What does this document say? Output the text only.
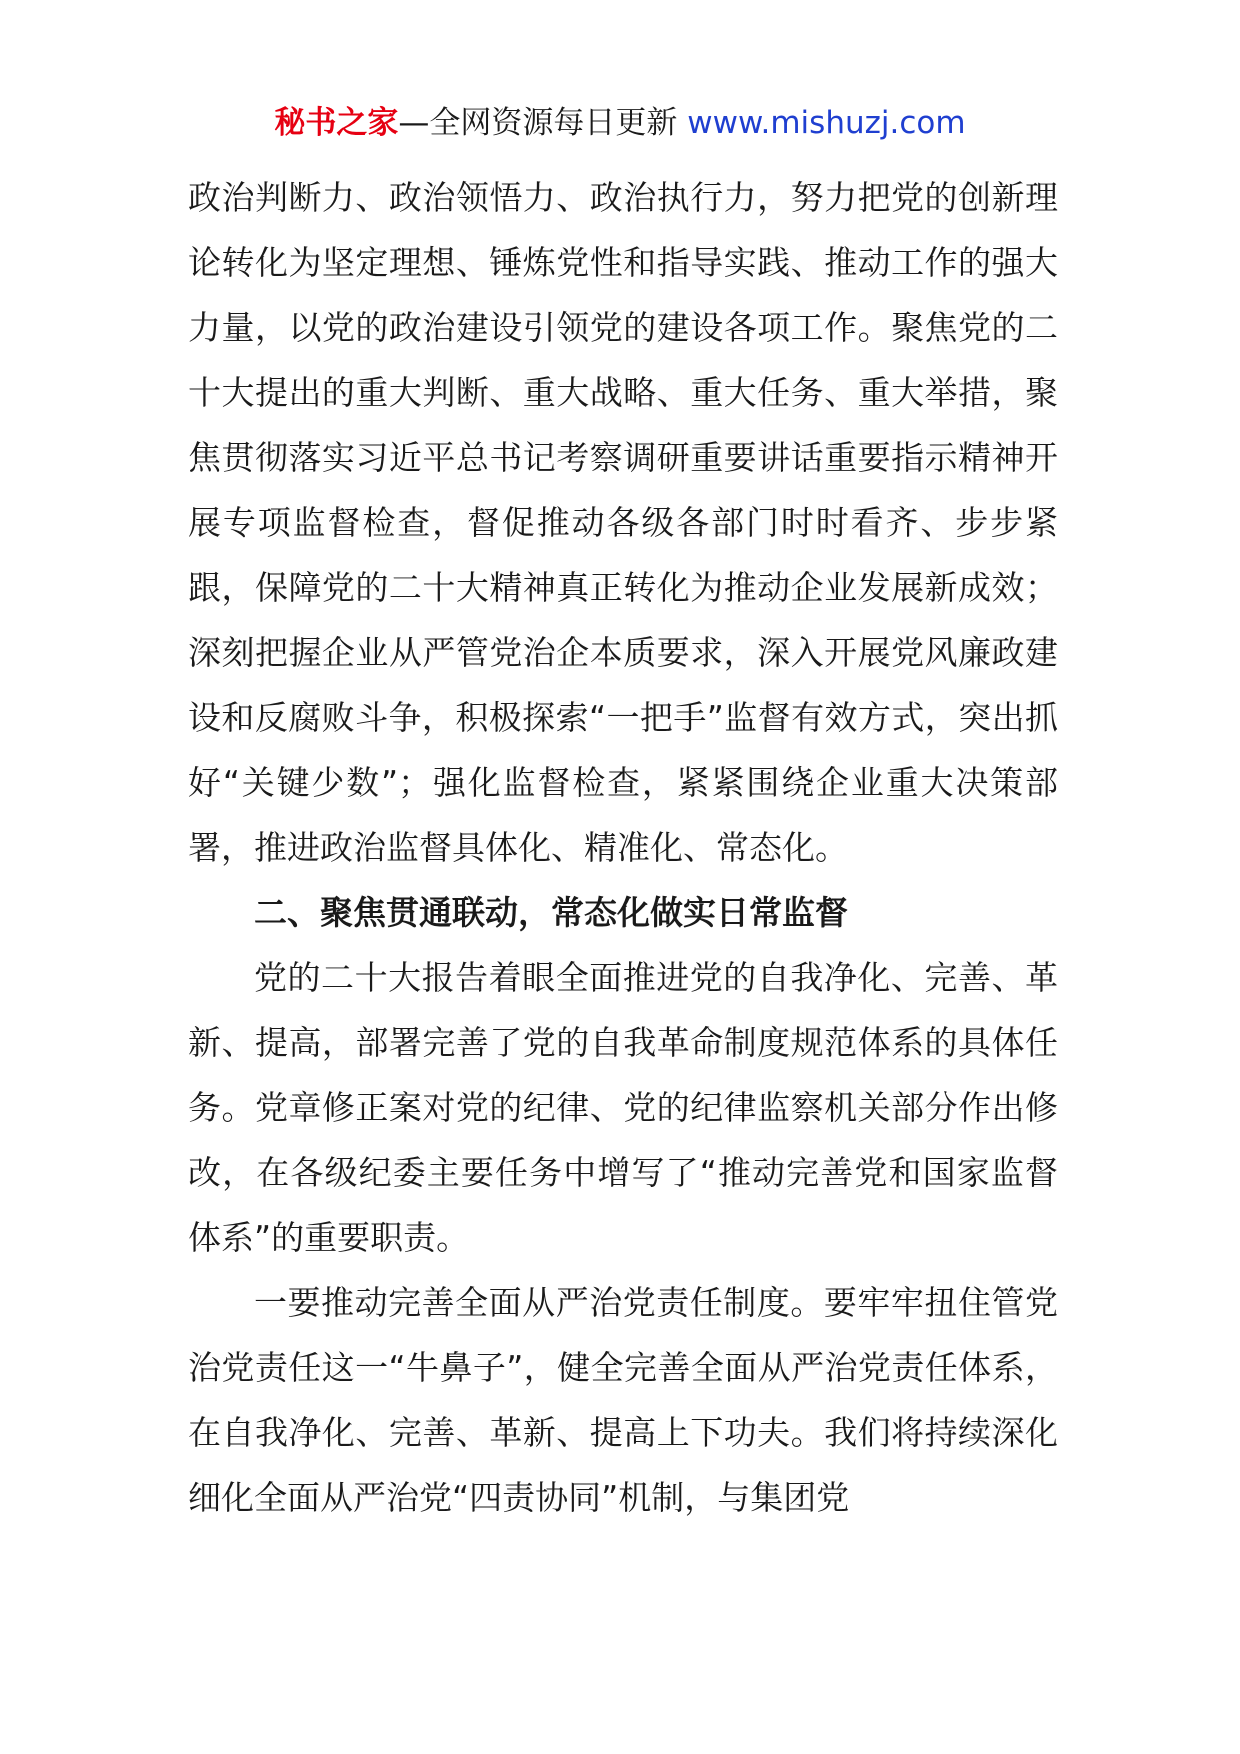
秘书之家—全网资源每日更新 www.mishuzj.com

政治判断力、政治领悟力、政治执行力，努力把党的创新理论转化为坚定理想、锤炼党性和指导实践、推动工作的强大力量，以党的政治建设引领党的建设各项工作。聚焦党的二十大提出的重大判断、重大战略、重大任务、重大举措，聚焦贯彻落实习近平总书记考察调研重要讲话重要指示精神开展专项监督检查，督促推动各级各部门时时看齐、步步紧跟，保障党的二十大精神真正转化为推动企业发展新成效；深刻把握企业从严管党治企本质要求，深入开展党风廉政建设和反腐败斗争，积极探索“一把手”监督有效方式，突出抓好“关键少数”；强化监督检查，紧紧围绕企业重大决策部署，推进政治监督具体化、精准化、常态化。

二、聚焦贯通联动，常态化做实日常监督

党的二十大报告着眼全面推进党的自我净化、完善、革新、提高，部署完善了党的自我革命制度规范体系的具体任务。党章修正案对党的纪律、党的纪律监察机关部分作出修改，在各级纪委主要任务中增写了“推动完善党和国家监督体系”的重要职责。

一要推动完善全面从严治党责任制度。要牢牢扭住管党治党责任这一“牛鼻子”，健全完善全面从严治党责任体系，在自我净化、完善、革新、提高上下功夫。我们将持续深化细化全面从严治党“四责协同”机制，与集团党
